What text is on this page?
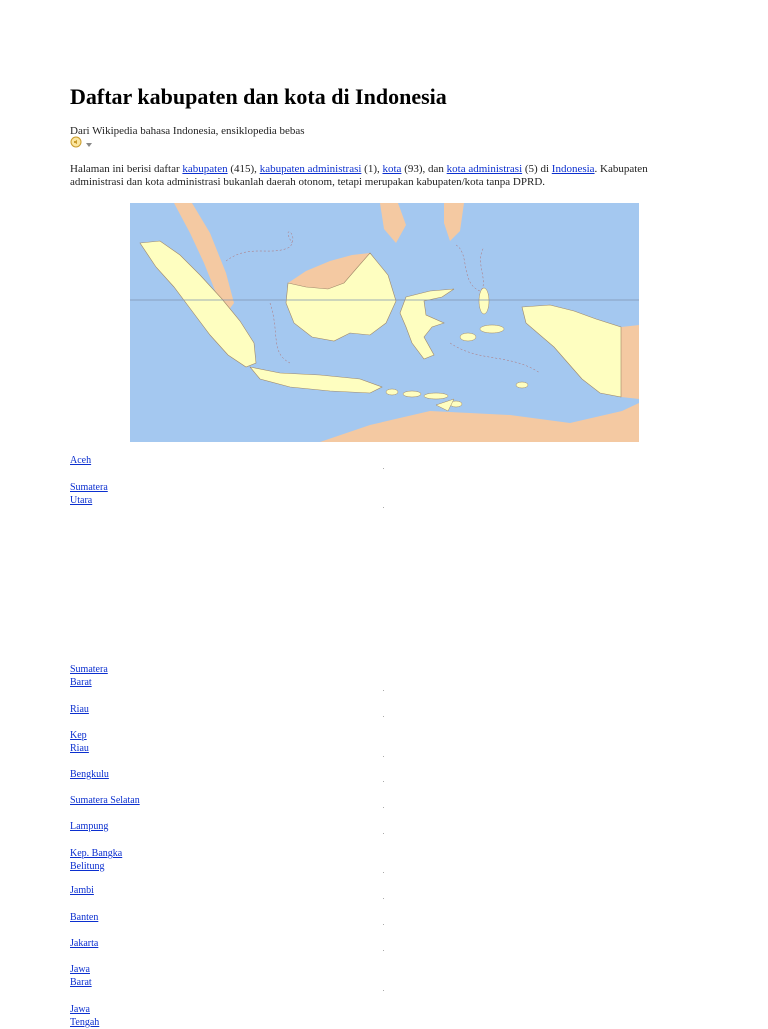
Daftar kabupaten dan kota di Indonesia
Dari Wikipedia bahasa Indonesia, ensiklopedia bebas

Halaman ini berisi daftar kabupaten (415), kabupaten administrasi (1), kota (93), dan kota administrasi (5) di Indonesia. Kabupaten administrasi dan kota administrasi bukanlah daerah otonom, tetapi merupakan kabupaten/kota tanpa DPRD.

Aceh
Sumatera
Utara
Sumatera
Barat
Riau
Kep
Riau
Bengkulu
Sumatera Selatan
Lampung
Kep. Bangka
Belitung
Jambi
Banten
Jakarta
Jawa
Barat
Jawa
Tengah
